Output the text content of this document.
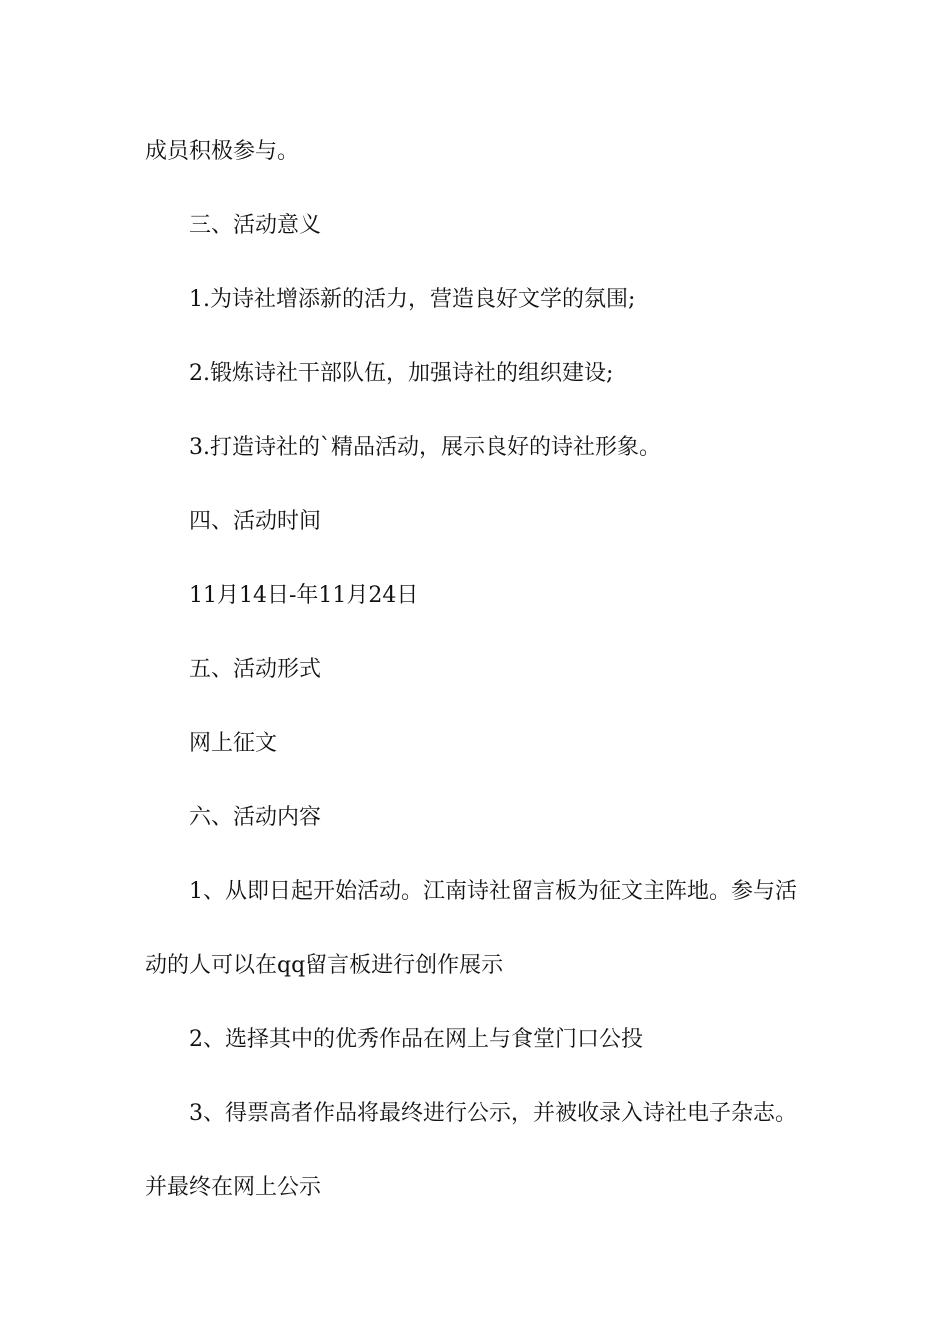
成员积极参与。
三、活动意义
1.为诗社增添新的活力，营造良好文学的氛围;
2.锻炼诗社干部队伍，加强诗社的组织建设;
3.打造诗社的`精品活动，展示良好的诗社形象。
四、活动时间
11月14日-年11月24日
五、活动形式
网上征文
六、活动内容
1、从即日起开始活动。江南诗社留言板为征文主阵地。参与活
动的人可以在qq留言板进行创作展示
2、选择其中的优秀作品在网上与食堂门口公投
3、得票高者作品将最终进行公示，并被收录入诗社电子杂志。
并最终在网上公示
